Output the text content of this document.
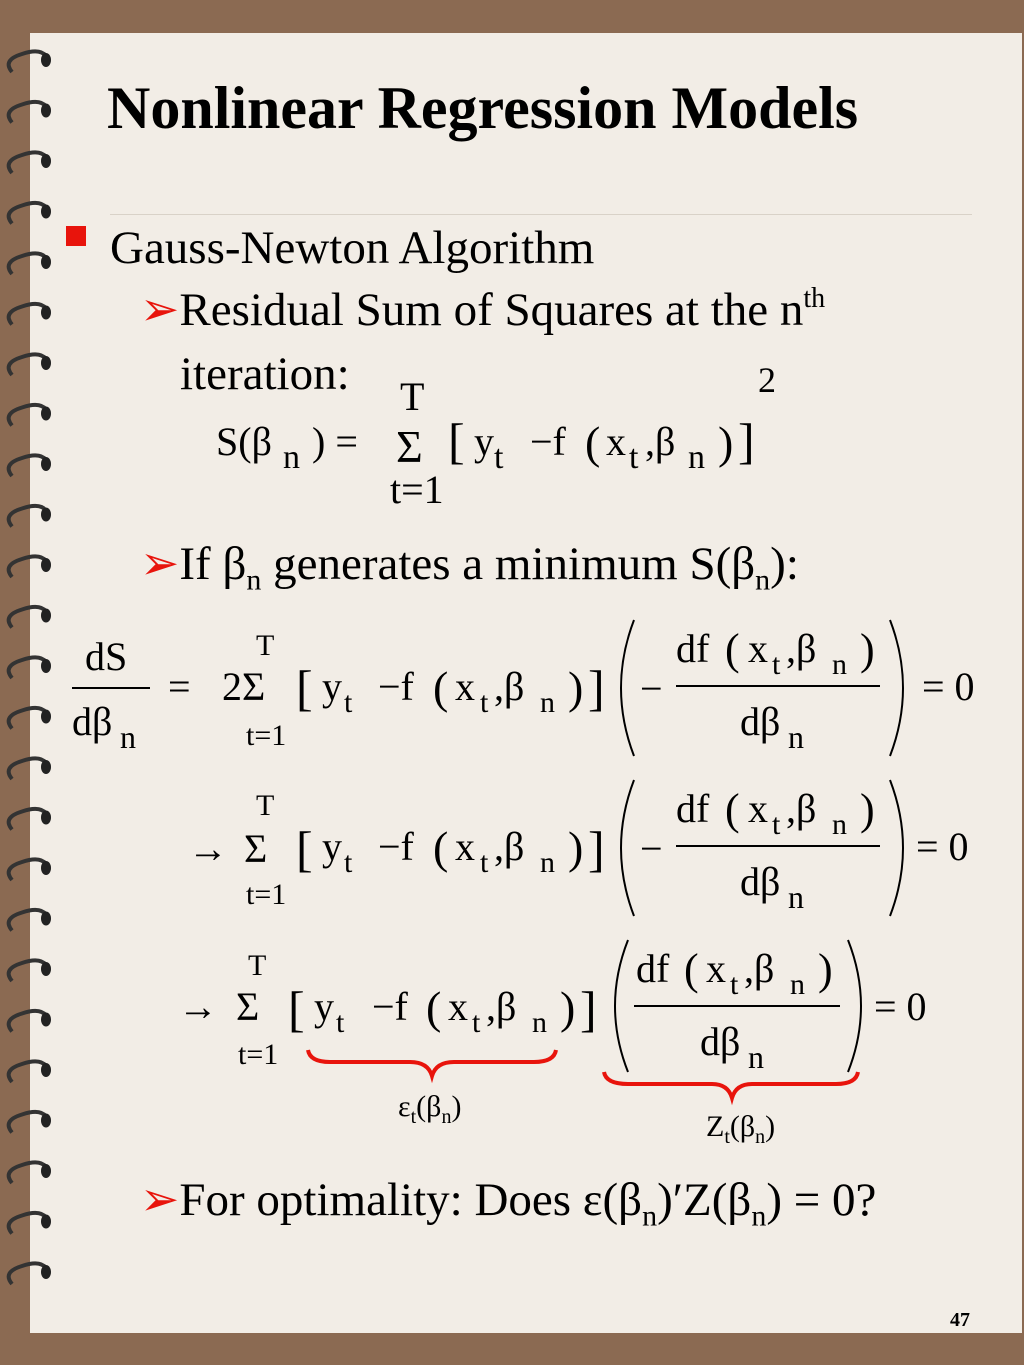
Nonlinear Regression Models
Gauss-Newton Algorithm
➢Residual Sum of Squares at the $n^{th}$
iteration:
➢If $\beta_n$ generates a minimum $S(\beta_n)$:
➢For optimality: Does $\varepsilon(\beta_n)'Z(\beta_n) = 0$?
T	2
S(β n ) = Σ [ y t −f ( x t ,β n ) ]
t=1
dS
dβ n
= 2Σ
T
t=1
[ y t −f ( x t ,β n ) ] −
df ( x t ,β n )
dβ n
= 0
→ Σ
T
t=1
[ y t −f ( x t ,β n ) ] −
df ( x t ,β n )
dβ n
= 0
→ Σ
T
t=1
[ y t −f ( x t ,β n ) ]
df ( x t ,β n )
dβ n
= 0
$\varepsilon_t(\beta_n)$
$Z_t(\beta_n)$
47
